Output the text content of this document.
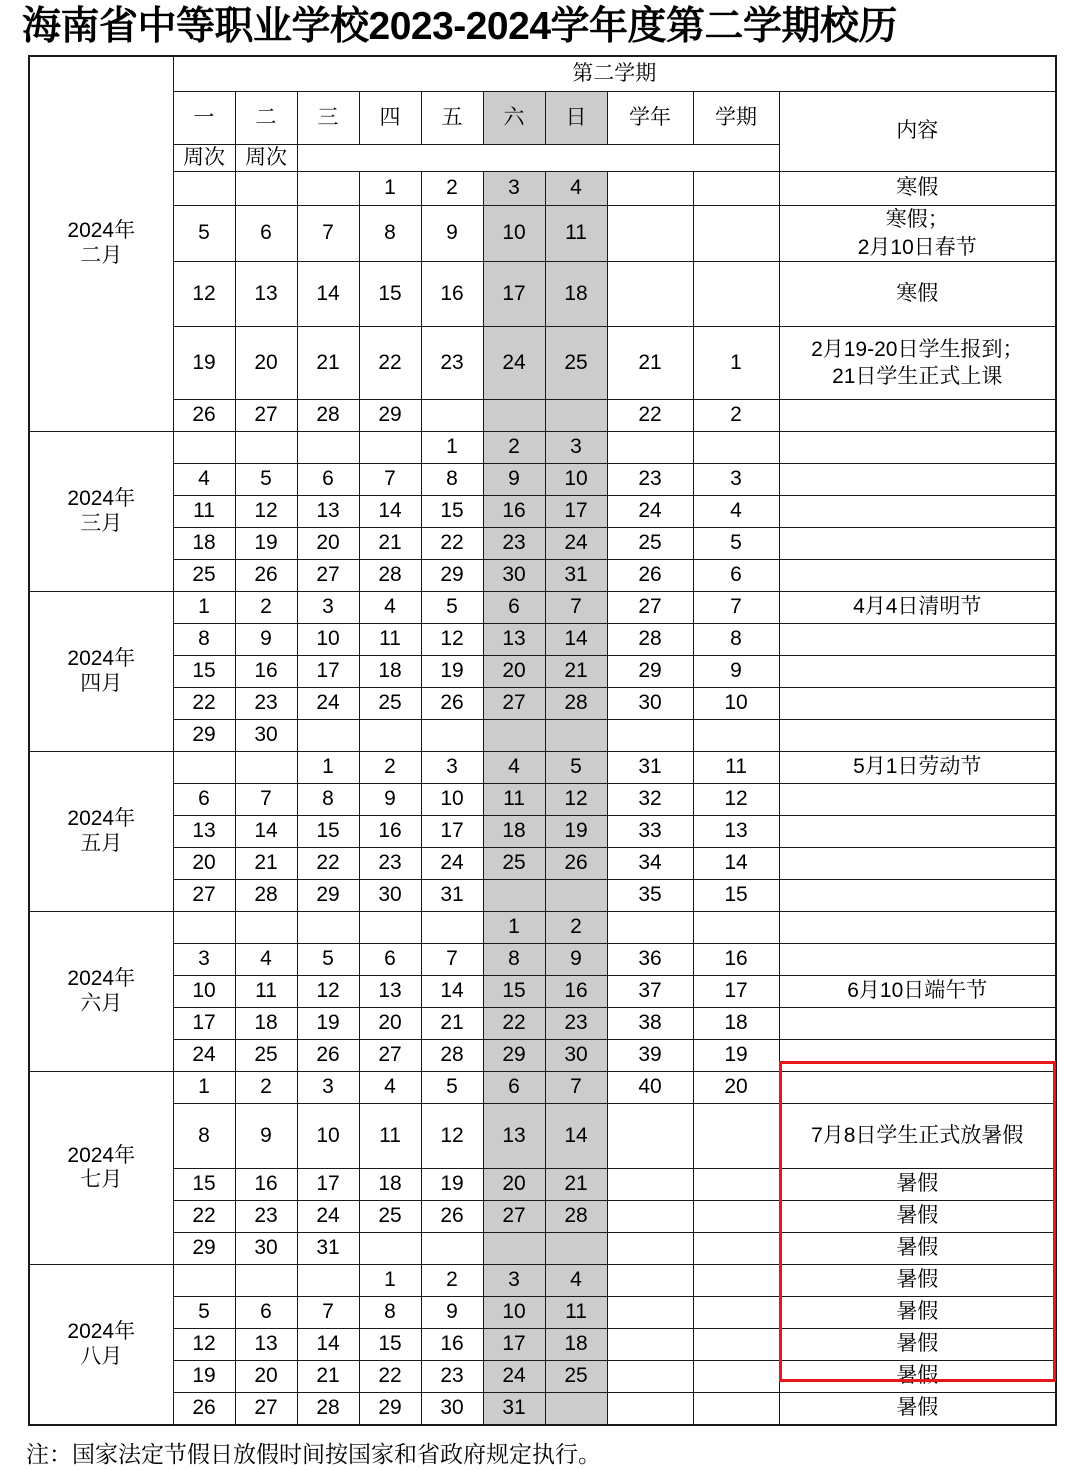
海南省中等职业学校2023-2024学年度第二学期校历
2024年
二月	第二学期									
	一	二	三	四	五	六	日	学年	学期	内容
	周次	周次								
				1	2	3	4			寒假
	5	6	7	8	9	10	11			寒假；
2月10日春节
	12	13	14	15	16	17	18			寒假
	19	20	21	22	23	24	25	21	1	2月19-20日学生报到；
21日学生正式上课
	26	27	28	29				22	2	
2024年
三月					1	2	3			
	4	5	6	7	8	9	10	23	3	
	11	12	13	14	15	16	17	24	4	
	18	19	20	21	22	23	24	25	5	
	25	26	27	28	29	30	31	26	6	
2024年
四月	1	2	3	4	5	6	7	27	7	4月4日清明节
	8	9	10	11	12	13	14	28	8	
	15	16	17	18	19	20	21	29	9	
	22	23	24	25	26	27	28	30	10	
	29	30								
2024年
五月			1	2	3	4	5	31	11	5月1日劳动节
	6	7	8	9	10	11	12	32	12	
	13	14	15	16	17	18	19	33	13	
	20	21	22	23	24	25	26	34	14	
	27	28	29	30	31			35	15	
2024年
六月						1	2			
	3	4	5	6	7	8	9	36	16	
	10	11	12	13	14	15	16	37	17	6月10日端午节
	17	18	19	20	21	22	23	38	18	
	24	25	26	27	28	29	30	39	19	
2024年
七月	1	2	3	4	5	6	7	40	20	
	8	9	10	11	12	13	14			7月8日学生正式放暑假
	15	16	17	18	19	20	21			暑假
	22	23	24	25	26	27	28			暑假
	29	30	31							暑假
2024年
八月				1	2	3	4			暑假
	5	6	7	8	9	10	11			暑假
	12	13	14	15	16	17	18			暑假
	19	20	21	22	23	24	25			暑假
	26	27	28	29	30	31				暑假
注：国家法定节假日放假时间按国家和省政府规定执行。
